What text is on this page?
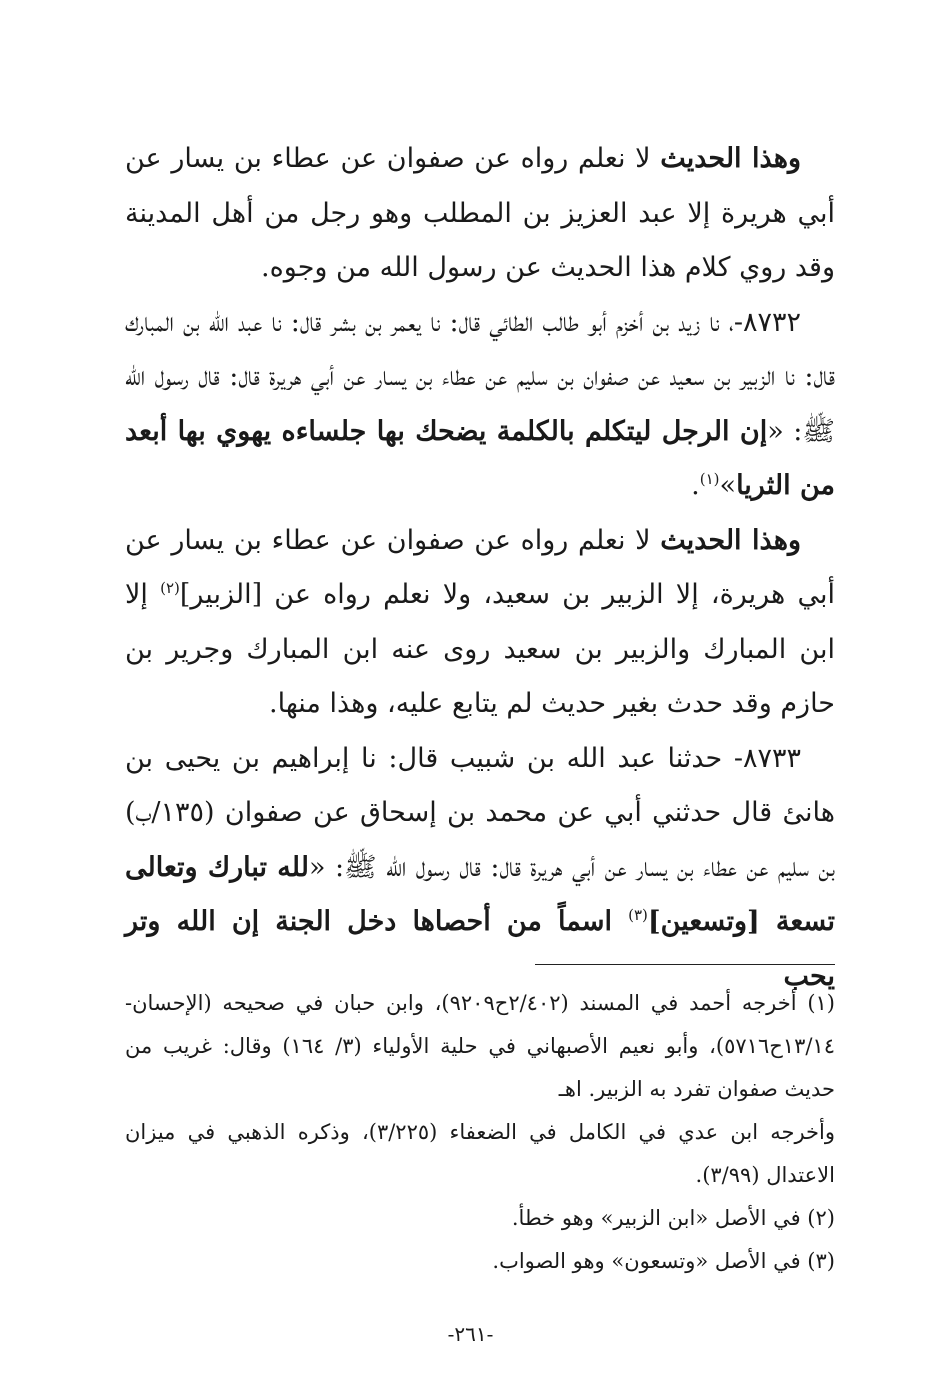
وهذا الحديث لا نعلم رواه عن صفوان عن عطاء بن يسار عن أبي هريرة إلا عبد العزيز بن المطلب وهو رجل من أهل المدينة وقد روي كلام هذا الحديث عن رسول الله من وجوه.

٨٧٣٢-، نا زيد بن أخزم أبو طالب الطائي قال: نا يعمر بن بشر قال: نا عبد الله بن المبارك قال: نا الزبير بن سعيد عن صفوان بن سليم عن عطاء بن يسار عن أبي هريرة قال: قال رسول الله ﷺ: «إن الرجل ليتكلم بالكلمة يضحك بها جلساءه يهوي بها أبعد من الثريا»$^{(١)}$.

وهذا الحديث لا نعلم رواه عن صفوان عن عطاء بن يسار عن أبي هريرة، إلا الزبير بن سعيد، ولا نعلم رواه عن [الزبير]$^{(٢)}$ إلا ابن المبارك والزبير بن سعيد روى عنه ابن المبارك وجرير بن حازم وقد حدث بغير حديث لم يتابع عليه، وهذا منها.

٨٧٣٣- حدثنا عبد الله بن شبيب قال: نا إبراهيم بن يحيى بن هانئ قال حدثني أبي عن محمد بن إسحاق عن صفوان (١٣٥/ب) بن سليم عن عطاء بن يسار عن أبي هريرة قال: قال رسول الله ﷺ: «لله تبارك وتعالى تسعة [وتسعين]$^{(٣)}$ اسماً من أحصاها دخل الجنة إن الله وتر يحب

(١) أخرجه أحمد في المسند (٢/٤٠٢ح٩٢٠٩)، وابن حبان في صحيحه (الإحسان- ١٣/١٤ح٥٧١٦)، وأبو نعيم الأصبهاني في حلية الأولياء (٣/ ١٦٤) وقال: غريب من حديث صفوان تفرد به الزبير. اهـ

وأخرجه ابن عدي في الكامل في الضعفاء (٣/٢٢٥)، وذكره الذهبي في ميزان الاعتدال (٣/٩٩).

(٢) في الأصل «ابن الزبير» وهو خطأ.

(٣) في الأصل «وتسعون» وهو الصواب.

-٢٦١-
